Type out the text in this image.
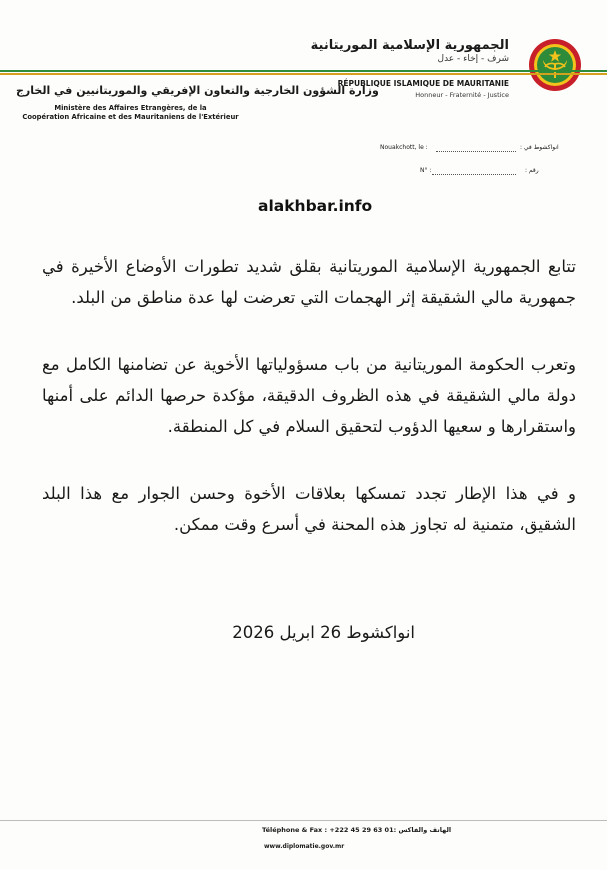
الجمهورية الإسلامية الموريتانية
شرف - إخاء - عدل
RÉPUBLIQUE ISLAMIQUE DE MAURITANIE
Honneur - Fraternité - Justice
وزارة الشؤون الخارجية والتعاون الإفريقي والموريتانيين في الخارج
Ministère des Affaires Etrangères, de la
Coopération Africaine et des Mauritaniens de l'Extérieur
Nouakchott, le :	انواكشوط في :
N° :	رقم :
alakhbar.info

تتابع الجمهورية الإسلامية الموريتانية بقلق شديد تطورات الأوضاع الأخيرة في جمهورية مالي الشقيقة إثر الهجمات التي تعرضت لها عدة مناطق من البلد.

وتعرب الحكومة الموريتانية من باب مسؤولياتها الأخوية عن تضامنها الكامل مع دولة مالي الشقيقة في هذه الظروف الدقيقة، مؤكدة حرصها الدائم على أمنها واستقرارها و سعيها الدؤوب لتحقيق السلام في كل المنطقة.

و في هذا الإطار تجدد تمسكها بعلاقات الأخوة وحسن الجوار مع هذا البلد الشقيق، متمنية له تجاوز هذه المحنة في أسرع وقت ممكن.

انواكشوط 26 ابريل 2026
Téléphone & Fax : +222 45 29 63 01: الهاتف والفاكس
www.diplomatie.gov.mr
